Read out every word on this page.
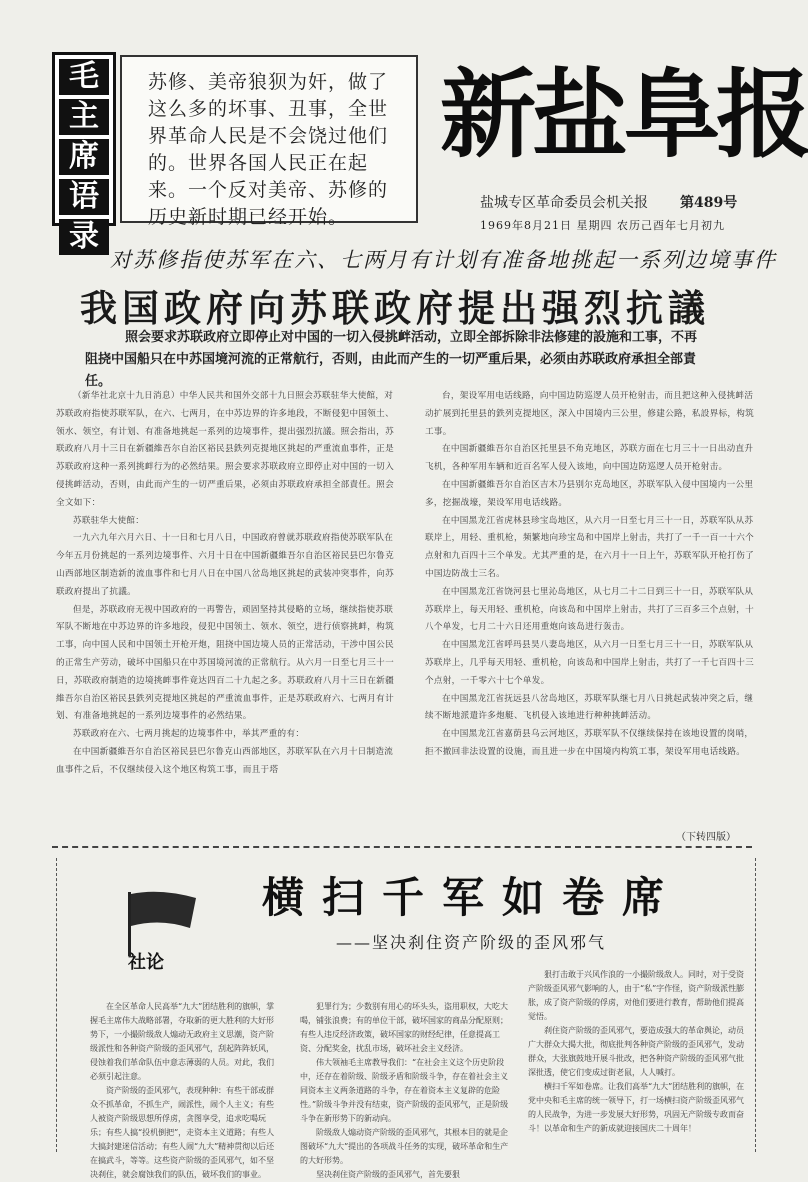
毛
主
席
语
录
苏修、美帝狼狈为奸，做了这么多的坏事、丑事，全世界革命人民是不会饶过他们的。世界各国人民正在起来。一个反对美帝、苏修的历史新时期已经开始。
新盐阜报
盐城专区革命委员会机关报 第489号
1969年8月21日 星期四 农历己酉年七月初九
对苏修指使苏军在六、七两月有计划有准备地挑起一系列边境事件
我国政府向苏联政府提出强烈抗議

照会要求苏联政府立即停止对中国的一切入侵挑衅活动，立即全部拆除非法修建的設施和工事，不再阻挠中国船只在中苏国境河流的正常航行，否则，由此而产生的一切严重后果，必须由苏联政府承担全部責任。

（新华社北京十九日消息）中华人民共和国外交部十九日照会苏联驻华大使館，对苏联政府指使苏联军队，在六、七两月，在中苏边界的许多地段，不断侵犯中国领土、领水、领空，有计划、有准备地挑起一系列的边境事件，提出强烈抗議。照会指出，苏联政府八月十三日在新疆維吾尔自治区裕民县鉄列克提地区挑起的严重流血事件，正是苏联政府这种一系列挑衅行为的必然结果。照会要求苏联政府立即停止对中国的一切入侵挑衅活动，否则，由此而产生的一切严重后果，必须由苏联政府承担全部責任。照会全文如下：

苏联驻华大使館：

一九六九年六月六日、十一日和七月八日，中国政府曾就苏联政府指使苏联军队在今年五月份挑起的一系列边境事件、六月十日在中国新疆維吾尔自治区裕民县巴尔鲁克山西部地区制造新的流血事件和七月八日在中国八岔岛地区挑起的武装冲突事件，向苏联政府提出了抗議。

但是，苏联政府无视中国政府的一再警告，顽固坚持其侵略的立场，继续指使苏联军队不断地在中苏边界的许多地段，侵犯中国领土、领水、领空，进行侦察挑衅，构筑工事，向中国人民和中国领土开枪开炮，阻挠中国边境人员的正常活动，干涉中国公民的正常生产劳动，破坏中国船只在中苏国境河流的正常航行。从六月一日至七月三十一日，苏联政府制造的边境挑衅事件竟达四百二十九起之多。苏联政府八月十三日在新疆維吾尔自治区裕民县鉄列克提地区挑起的严重流血事件，正是苏联政府六、七两月有计划、有准备地挑起的一系列边境事件的必然结果。

苏联政府在六、七两月挑起的边境事件中，举其严重的有：

在中国新疆維吾尔自治区裕民县巴尔鲁克山西部地区，苏联军队在六月十日制造流血事件之后，不仅继续侵入这个地区构筑工事，而且于塔

台，架设军用电话线路，向中国边防巡逻人员开枪射击，而且把这种入侵挑衅活动扩展到托里县的鉄列克提地区，深入中国境内三公里，修建公路，私設界标，构筑工事。

在中国新疆維吾尔自治区托里县不角克地区，苏联方面在七月三十一日出动直升飞机，各种军用车辆和近百名军人侵入该地，向中国边防巡逻人员开枪射击。

在中国新疆維吾尔自治区吉木乃县别尔克岛地区，苏联军队入侵中国境内一公里多，挖掘战壕，架设军用电话线路。

在中国黑龙江省虎林县珍宝岛地区，从六月一日至七月三十一日，苏联军队从苏联岸上，用轻、重机枪，频繁地向珍宝岛和中国岸上射击，共打了一千一百一十六个点射和九百四十三个单发。尤其严重的是，在六月十一日上午，苏联军队开枪打伤了中国边防战士三名。

在中国黑龙江省饶河县七里沁岛地区，从七月二十二日到三十一日，苏联军队从苏联岸上，每天用轻、重机枪，向该岛和中国岸上射击，共打了三百多三个点射，十八个单发，七月二十六日还用重炮向该岛进行轰击。

在中国黑龙江省呼玛县昊八妻岛地区，从六月一日至七月三十一日，苏联军队从苏联岸上，几乎每天用轻、重机枪，向该岛和中国岸上射击，共打了一千七百四十三个点射，一千零六十七个单发。

在中国黑龙江省抚远县八岔岛地区，苏联军队继七月八日挑起武装冲突之后，继续不断地派遣许多炮艇、飞机侵入该地进行种种挑衅活动。

在中国黑龙江省嘉荫县乌云河地区，苏联军队不仅继续保持在该地设置的岗哨，拒不撤回非法设置的设施，而且进一步在中国境内构筑工事，架设军用电话线路。

（下转四版）
社论
横扫千军如卷席
——坚决刹住资产阶级的歪风邪气

在全区革命人民高举“九大”团结胜利的旗帜，掌握毛主席伟大战略部署，夺取新的更大胜利的大好形势下，一小撮阶级敌人煽动无政府主义思潮，资产阶级派性和各种资产阶级的歪风邪气，刮起阵阵妖风，侵蚀着我们革命队伍中意志薄弱的人员。对此，我们必须引起注意。

资产阶级的歪风邪气，表现种种：有些干部或群众不抓革命，不抓生产，闹派性，闹个人主义；有些人被资产阶级思想所俘虏，贪图享受，追求吃喝玩乐；有些人搞“投机倒把”，走资本主义道路；有些人大搞封建迷信活动；有些人闹“九大”精神贯彻以后还在搞武斗，等等。这些资产阶级的歪风邪气，如不坚决刹住，就会腐蚀我们的队伍，破坏我们的事业。

犯罪行为；少数别有用心的坏头头，盗用职权，大吃大喝，铺张浪费；有的单位干部，破坏国家的商品分配原则；有些人违反经济政策，破坏国家的财经纪律，任意提高工资、分配奖金，扰乱市场，破坏社会主义经济。

伟大领袖毛主席教导我们：“在社会主义这个历史阶段中，还存在着阶级、阶级矛盾和阶级斗争，存在着社会主义同资本主义两条道路的斗争，存在着资本主义复辟的危险性。”阶级斗争并没有结束，资产阶级的歪风邪气，正是阶级斗争在新形势下的新动向。

阶级敌人煽动资产阶级的歪风邪气，其根本目的就是企图破坏“九大”提出的各项战斗任务的实现，破坏革命和生产的大好形势。

坚决刹住资产阶级的歪风邪气，首先要狠

狠打击敢于兴风作浪的一小撮阶级敌人。同时，对于受资产阶级歪风邪气影响的人，由于“私”字作怪，资产阶级派性膨胀，成了资产阶级的俘虏，对他们要进行教育，帮助他们提高觉悟。

刹住资产阶级的歪风邪气，要造成强大的革命舆论，动员广大群众大揭大批，彻底批判各种资产阶级的歪风邪气，发动群众，大张旗鼓地开展斗批改，把各种资产阶级的歪风邪气批深批透，使它们变成过街老鼠，人人喊打。

横扫千军如卷席。让我们高举“九大”团结胜利的旗帜，在党中央和毛主席的统一领导下，打一场横扫资产阶级歪风邪气的人民战争，为进一步发展大好形势，巩固无产阶级专政而奋斗！以革命和生产的新成就迎接国庆二十周年！
